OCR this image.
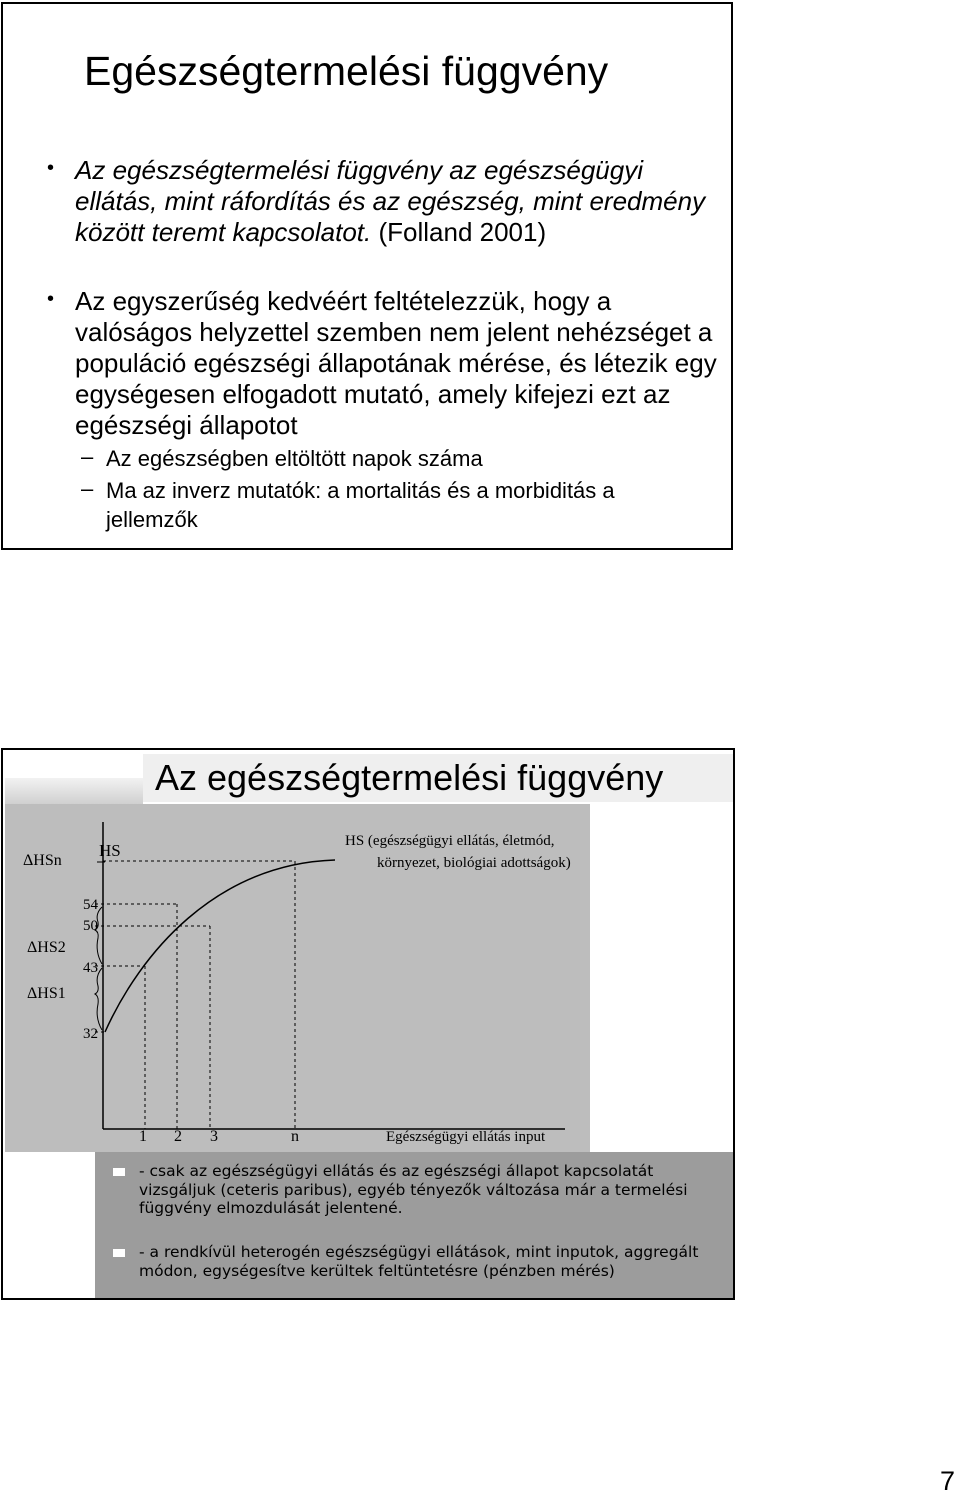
Egészségtermelési függvény
• Az egészségtermelési függvény az egészségügyi ellátás, mint ráfordítás és az egészség, mint eredmény között teremt kapcsolatot. (Folland 2001)
• Az egyszerűség kedvéért feltételezzük, hogy a valóságos helyzettel szemben nem jelent nehézséget a populáció egészségi állapotának mérése, és létezik egy egységesen elfogadott mutató, amely kifejezi ezt az egészségi állapotot
– Az egészségben eltöltött napok száma
– Ma az inverz mutatók: a mortalitás és a morbiditás a jellemzők
Az egészségtermelési függvény
HS
ΔHSn
ΔHS2
ΔHS1
54
50
43
32
1 2 3	n	Egészségügyi ellátás input
HS (egészségügyi ellátás, életmód,
környezet, biológiai adottságok)
- csak az egészségügyi ellátás és az egészségi állapot kapcsolatát vizsgáljuk (ceteris paribus), egyéb tényezők változása már a termelési függvény elmozdulását jelentené.
- a rendkívül heterogén egészségügyi ellátások, mint inputok, aggregált módon, egységesítve kerültek feltüntetésre (pénzben mérés)
7
